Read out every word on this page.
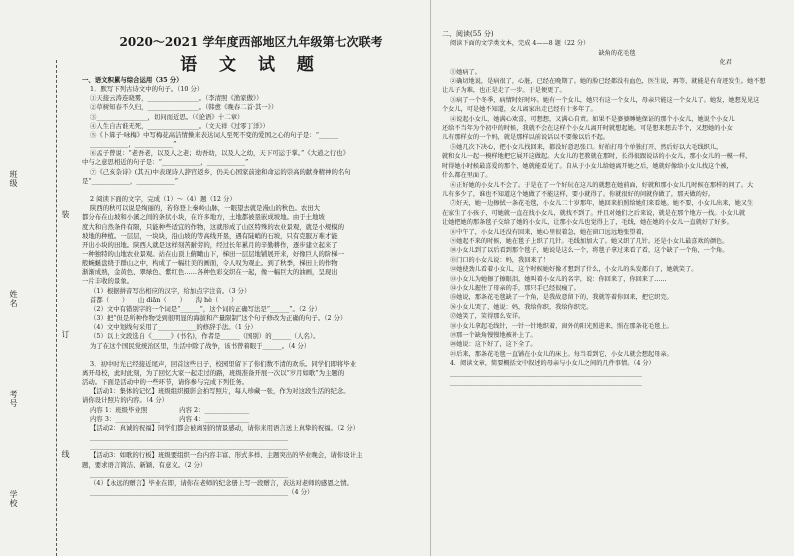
班级
姓名
考号
学校
装
订
线
2020～2021 学年度西部地区九年级第七次联考
语 文 试 题

一、语文积累与综合运用（35 分）

1．默写下列古诗文中的句子。（10 分）

①天接云涛连晓雾，________________。（李清照《渔家傲》）

②草树知春不久归，________________。（韩愈《晚春二首·其一》）

③________________，切问而近思。（《论语》十二章）

④人生自古谁无死，________________。（文天祥《过零丁洋》）

⑤《卜算子·咏梅》中写梅花高洁情操来表达词人至死不变的爱国之心的句子是：“______

____________，____________”

⑥孟子曾说：“老吾老，以及人之老；幼吾幼，以及人之幼，天下可运于掌。”《大道之行也》

中与之意思相近的句子是：“____________，____________”

⑦《己亥杂诗》(其五)中表现诗人辞官返乡，仍关心国家前途和命运的崇高的献身精神的名句

是“____________，____________”

2 阅读下面的文字，完成（1）～（4）题（12 分）

陕西的秋可以说是绚丽的，若你登上秦岭山脉，一眼望去就是漫山的秋色。农田大

都分布在山坡和小溪之间的条状小块，在许多地方，土地都被垦嵌成坡地。由于土地坡

度大和自然条件有限，只能种些适宜的作物，这就形成了山区特殊的农业景观，就是小规模的

坡地的种植。一层层，一块块，沿山坡的等高线开垦，遇有陡峭的石坡，只有克服万难才能

开出小块的田地。陕西人就是这样刻苦耐劳的，经过长年累月的辛勤耕作，逐步建立起来了

一种独特的山地农业景观。站在山顶上俯瞰山下，梯田一层层地铺展开来，好像巨人的阶梯一

般蜿蜒盘绕于群山之中，构成了一幅壮美的画面，令人叹为观止。到了秋季，梯田上的作物

渐渐成熟，金黄色、翠绿色、紫红色……各种色彩交织在一起，像一幅巨大的油画，呈现出

一片丰收的景象。

（1）根据拼音写出相应的汉字，给加点字注音。（3 分）

首都（　　）　　山 diān（　　）　　沟 hè（　　）

（2）文中有错别字的一个词是“______”，这个词的正确写法是“______”。（2 分）

（3）把“但是所种作物受到很明显的海拔和产量限制”这个句子修改为正确的句子。（2 分）

（4）文中划线句采用了____________的修辞手法。（1 分）

（5）以上文段选自《______》(书名)，作者是______（国别）的______（人名）。

为了在这个国民党统治区里，生活中除了战争，该书曾着眼于______。（4 分）

3．初中时光已经接近尾声，回首这些日子，校园里留下了你们数不清的欢乐。同学们即将毕业

离开母校，此时此刻，为了回忆大家一起走过的路，班级准备开展一次以“岁月如歌”为主题的

活动。下面是活动中的一些环节，请你参与完成下列任务。

【活动1：集体的记忆】班级组织摄影会拍写照片，每人珍藏一张，作为对这段生活的纪念。

请你设计照片的内容。（4 分）

内容 1：班级毕业照　　　　　内容 2：______________

内容 3：______________　　　内容 4：______________

【活动2：真诚的祝福】同学们都会被离别的情景感动，请你来用语言送上真挚的祝福。（2 分）

______________________________________________________________

______________________________________________________________

【活动3：如歌的行板】班级要组织一台内容丰富、形式多样、主题突出的毕业晚会，请你设计主

题，要求语言简洁、新颖、有意义。（2 分）

______________________________________________________________

（4）【永远的赠言】毕业在即，请你在老师的纪念册上写一段赠言，表达对老师的感恩之情。

______________________________________________________________（4 分）

二、阅读(55 分)

阅读下面的文学类文本，完成 4——8 题（22 分）

缺角的花毛毯

化君

①她病了。

②确切地说，是病很了，心脏，已经在晚期了。她的脸已经都没有血色，医生说，再等，就能是有奇迹发生。她不想

让儿子为难，也正是走了一步。于是便更了。

③病了一个冬季，病情时好时坏。她有一个女儿，她只有这一个女儿，母亲只能这一个女儿了。她发，她想见见这

个女儿，可是她不知道，女儿离家出走已经有十多年了。

④说起小女儿，她满心欢喜，可想想，又满心自责。如果不是婆婆睡她保证的那个小女儿，她说个小女儿

还给不当年为个初中的时候，我就不会在这样个小女儿离开时就想起她。可是想来想去半个，又想她的小女

儿有那样女的一个妈，就是那样以前说话以不要像以后不起。

⑤她几次下决心，把小女儿找回来，都没好意思张口。好拍打母个单独打开，然后好以大毛线织儿，

就和女儿一起一模样地把它展开这做起。大女儿的老教就在那时，长得很跟说话的小女儿，那小女儿的一模一样，

时得她小时候最喜爱的那个，她就能看见了。自从于小女儿给她离开她之后，她就好像给小女儿找这个被，

什么都在里面了。

⑥正好她的小女儿不会了。于是在了一个好玩在这儿的就想在她前面，好就和那小女儿几时候在那样的问了。大

儿有多少了，谁也不知道这个她做了不能这样，要小就得了。你就很好的问就你做了，那天做的好。

⑦好天，她一边擦拭一条花毛毯，小女儿二十岁那年，她回来拍照给她们来看她。她不要，小女儿出来，她又生

在家生了小孩子，可她就一直在找小女儿，就找不到了。并且对她们之后来说，就是在那个地方一找。小女儿就

让她把她的那条毯子交给了她的小女儿，让那小女儿也觉得上了，毛线，她在她的小女儿一直就好了好多。

⑧中午了，小女儿还没有回来，她心里很着急，她在窗口远远地张望着，

⑨她起不来的时候，她在毯子上织了几针。毛线加加大了。她又织了几针。还是小女儿最喜欢的颜色。

⑩小女儿到了以后看到那个毯子，她说是这么一个，将毯子拿过来看了看，这个缺了一个角，一个角。

⑪门口的小女儿说：妈，我回来了！

⑫她使劲儿看着小女儿，这个时候她好像才想到了什么，小女儿的头发都白了，她就笑了。

⑬小女儿为她擦了擦眼泪，她叫着小女儿的名字，说：你回来了，你回来了……

⑭小女儿握住了母亲的手，那只手已经很瘦了。

⑮她说，那条花毛毯缺了一个角，是我故意留下的，我就等着你回来，把它织完。

⑯小女儿哭了，她说：妈，我给你织，我给你织完。

⑰她笑了，笑得那么安详。

⑱小女儿拿起毛线针，一针一针地织着，窗外的阳光照进来，照在那条花毛毯上。

⑲那一个缺角慢慢地被补上了。

⑳她说：这下好了，这下全了。

㉑后来，那条花毛毯一直铺在小女儿的床上。每当看到它，小女儿就会想起母亲。

4．阅读文章，简要概括文中叙述的母亲与小女儿之间的几件事情。（4 分）

______________________________________________________________

______________________________________________________________
